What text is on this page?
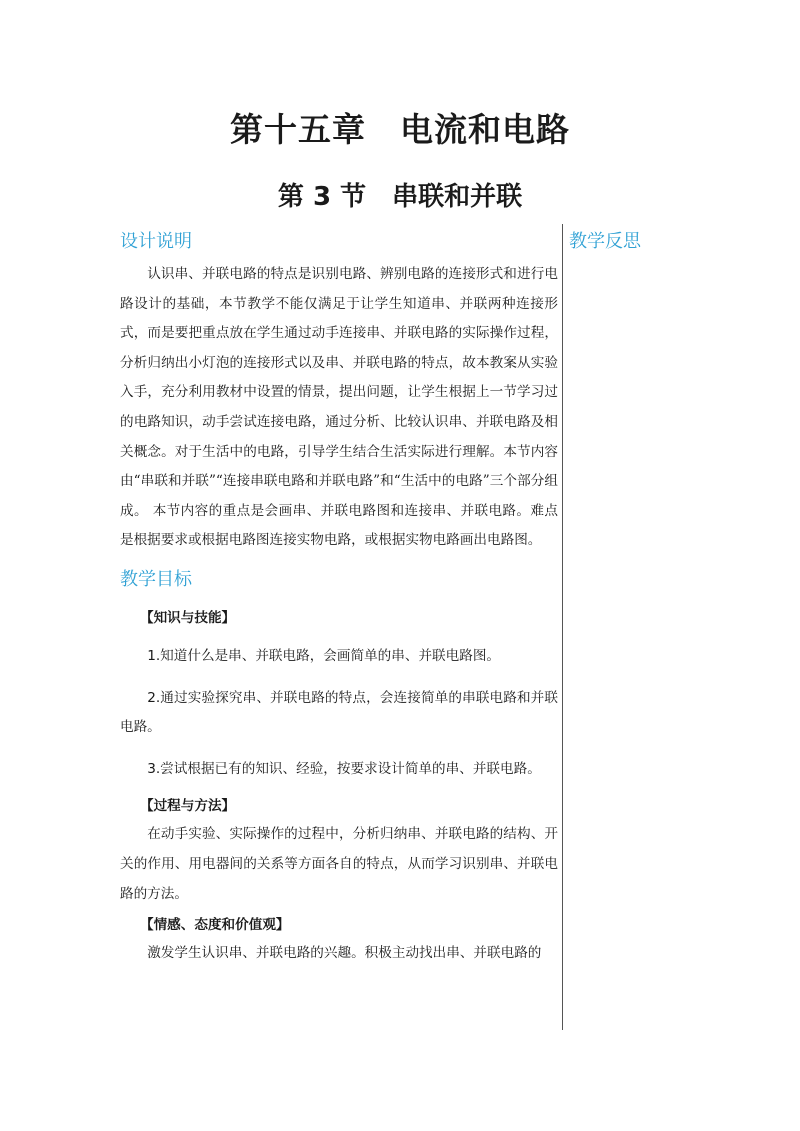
第十五章　电流和电路
第 3 节　串联和并联
设计说明

认识串、并联电路的特点是识别电路、辨别电路的连接形式和进行电路设计的基础，本节教学不能仅满足于让学生知道串、并联两种连接形式，而是要把重点放在学生通过动手连接串、并联电路的实际操作过程，分析归纳出小灯泡的连接形式以及串、并联电路的特点，故本教案从实验入手，充分利用教材中设置的情景，提出问题，让学生根据上一节学习过的电路知识，动手尝试连接电路，通过分析、比较认识串、并联电路及相关概念。对于生活中的电路，引导学生结合生活实际进行理解。本节内容由“串联和并联”“连接串联电路和并联电路”和“生活中的电路”三个部分组成。 本节内容的重点是会画串、并联电路图和连接串、并联电路。难点是根据要求或根据电路图连接实物电路，或根据实物电路画出电路图。

教学目标

【知识与技能】

1.知道什么是串、并联电路，会画简单的串、并联电路图。

2.通过实验探究串、并联电路的特点，会连接简单的串联电路和并联电路。

3.尝试根据已有的知识、经验，按要求设计简单的串、并联电路。

【过程与方法】

在动手实验、实际操作的过程中，分析归纳串、并联电路的结构、开关的作用、用电器间的关系等方面各自的特点，从而学习识别串、并联电路的方法。

【情感、态度和价值观】

激发学生认识串、并联电路的兴趣。积极主动找出串、并联电路的

教学反思
